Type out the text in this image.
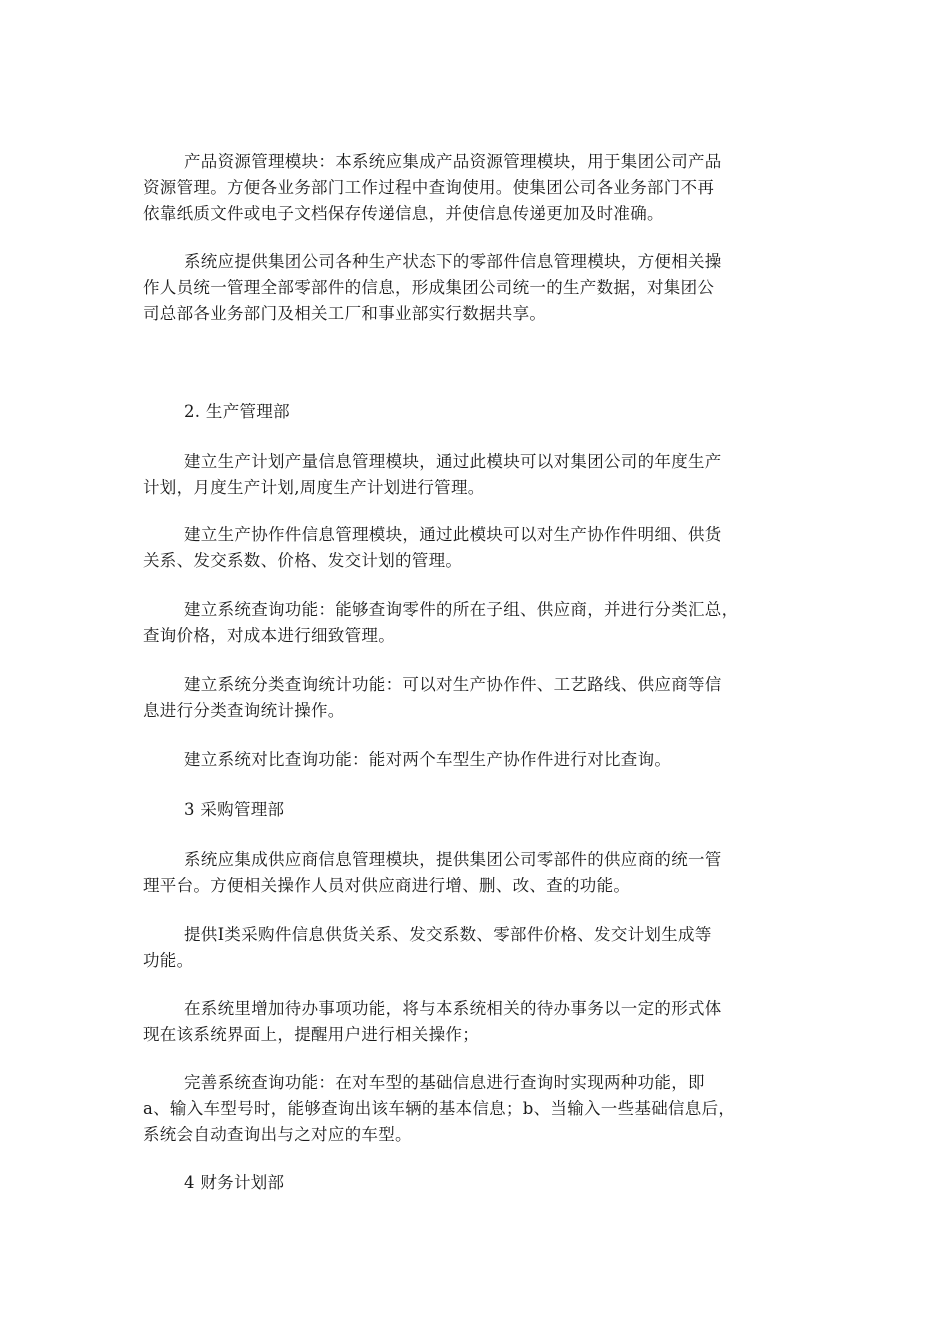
产品资源管理模块：本系统应集成产品资源管理模块，用于集团公司产品
资源管理。方便各业务部门工作过程中查询使用。使集团公司各业务部门不再
依靠纸质文件或电子文档保存传递信息，并使信息传递更加及时准确。

系统应提供集团公司各种生产状态下的零部件信息管理模块，方便相关操
作人员统一管理全部零部件的信息，形成集团公司统一的生产数据，对集团公
司总部各业务部门及相关工厂和事业部实行数据共享。

2. 生产管理部

建立生产计划产量信息管理模块，通过此模块可以对集团公司的年度生产
计划，月度生产计划,周度生产计划进行管理。

建立生产协作件信息管理模块，通过此模块可以对生产协作件明细、供货
关系、发交系数、价格、发交计划的管理。

建立系统查询功能：能够查询零件的所在子组、供应商，并进行分类汇总，
查询价格，对成本进行细致管理。

建立系统分类查询统计功能：可以对生产协作件、工艺路线、供应商等信
息进行分类查询统计操作。

建立系统对比查询功能：能对两个车型生产协作件进行对比查询。

3 采购管理部

系统应集成供应商信息管理模块，提供集团公司零部件的供应商的统一管
理平台。方便相关操作人员对供应商进行增、删、改、查的功能。

提供Ⅰ类采购件信息供货关系、发交系数、零部件价格、发交计划生成等
功能。

在系统里增加待办事项功能，将与本系统相关的待办事务以一定的形式体
现在该系统界面上，提醒用户进行相关操作；

完善系统查询功能：在对车型的基础信息进行查询时实现两种功能，即
a、输入车型号时，能够查询出该车辆的基本信息；b、当输入一些基础信息后，
系统会自动查询出与之对应的车型。

4 财务计划部
